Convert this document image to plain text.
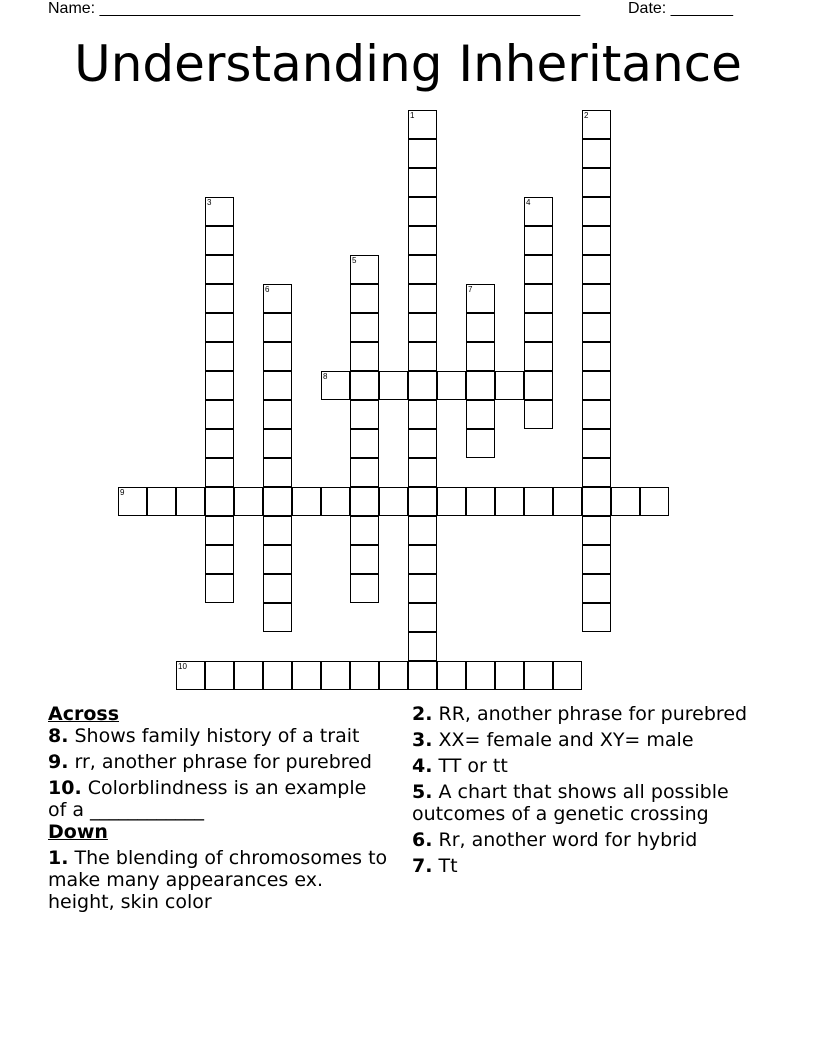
Name: ______________________________________________________	Date: _______
Understanding Inheritance
1	2
3	4
5
6	7
8
9
10

Across

8. Shows family history of a trait

9. rr, another phrase for purebred

10. Colorblindness is an example of a ____________

Down

1. The blending of chromosomes to make many appearances ex. height, skin color

2. RR, another phrase for purebred

3. XX= female and XY= male

4. TT or tt

5. A chart that shows all possible outcomes of a genetic crossing

6. Rr, another word for hybrid

7. Tt
